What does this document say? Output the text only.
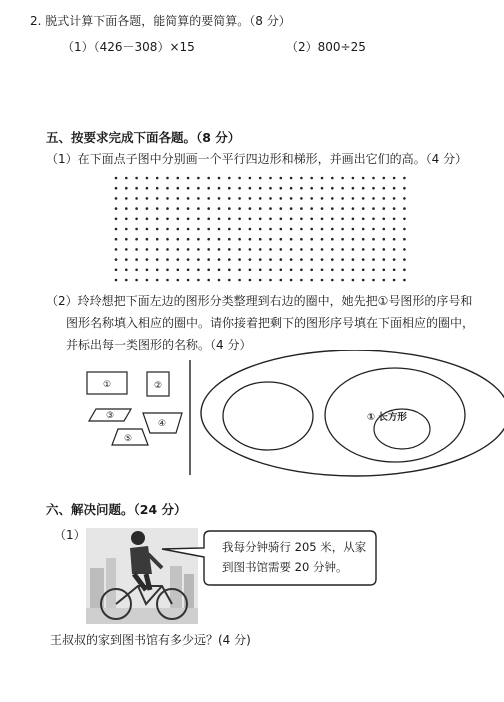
2. 脱式计算下面各题，能简算的要简算。（8 分）
（1）（426－308）×15	（2）800÷25
五、按要求完成下面各题。（8 分）
（1）在下面点子图中分别画一个平行四边形和梯形，并画出它们的高。（4 分）
（2）玲玲想把下面左边的图形分类整理到右边的圈中，她先把①号图形的序号和
图形名称填入相应的圈中。请你接着把剩下的图形序号填在下面相应的圈中，
并标出每一类图形的名称。（4 分）
①	②
③
④
⑤
① 长方形
六、解决问题。（24 分）
（1）
我每分钟骑行 205 米，从家
到图书馆需要 20 分钟。
王叔叔的家到图书馆有多少远？(4 分)
